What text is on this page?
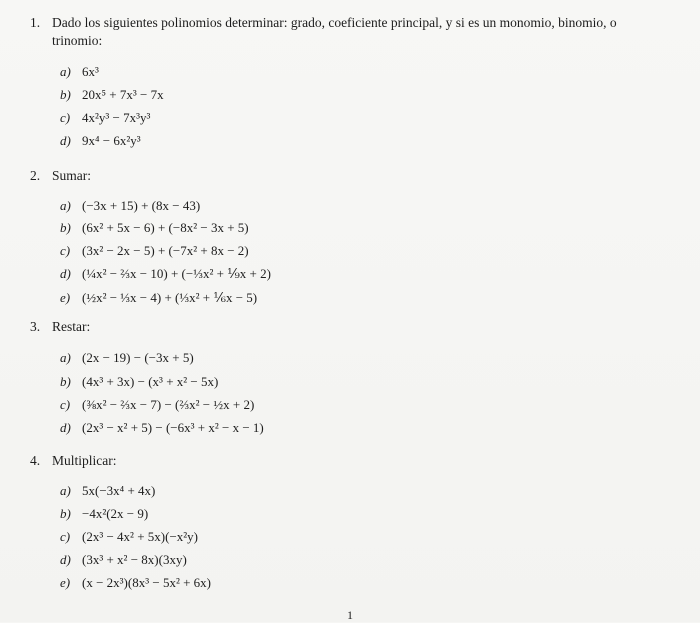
1. Dado los siguientes polinomios determinar: grado, coeficiente principal, y si es un monomio, binomio, o trinomio:
a) 6x³
b) 20x⁵ + 7x³ − 7x
c) 4x²y³ − 7x³y³
d) 9x⁴ − 6x²y³
2. Sumar:
a) (−3x + 15) + (8x − 43)
b) (6x² + 5x − 6) + (−8x² − 3x + 5)
c) (3x² − 2x − 5) + (−7x² + 8x − 2)
d) (¼x² − ⅔x − 10) + (−⅓x² + ⅑x + 2)
e) (½x² − ⅓x − 4) + (⅓x² + ⅙x − 5)
3. Restar:
a) (2x − 19) − (−3x + 5)
b) (4x³ + 3x) − (x³ + x² − 5x)
c) (⅜x² − ⅔x − 7) − (⅔x² − ½x + 2)
d) (2x³ − x² + 5) − (−6x³ + x² − x − 1)
4. Multiplicar:
a) 5x(−3x⁴ + 4x)
b) −4x²(2x − 9)
c) (2x³ − 4x² + 5x)(−x²y)
d) (3x³ + x² − 8x)(3xy)
e) (x − 2x³)(8x³ − 5x² + 6x)
1
